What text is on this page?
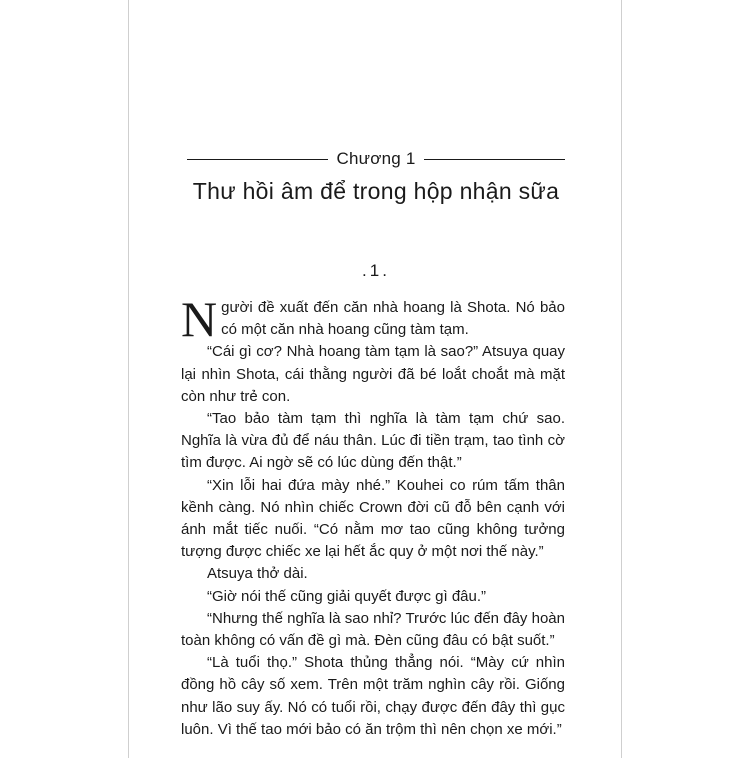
Chương 1
Thư hồi âm để trong hộp nhận sữa
.1.

Người đề xuất đến căn nhà hoang là Shota. Nó bảo có một căn nhà hoang cũng tàm tạm.

“Cái gì cơ? Nhà hoang tàm tạm là sao?” Atsuya quay lại nhìn Shota, cái thằng người đã bé loắt choắt mà mặt còn như trẻ con.

“Tao bảo tàm tạm thì nghĩa là tàm tạm chứ sao. Nghĩa là vừa đủ để náu thân. Lúc đi tiền trạm, tao tình cờ tìm được. Ai ngờ sẽ có lúc dùng đến thật.”

“Xin lỗi hai đứa mày nhé.” Kouhei co rúm tấm thân kềnh càng. Nó nhìn chiếc Crown đời cũ đỗ bên cạnh với ánh mắt tiếc nuối. “Có nằm mơ tao cũng không tưởng tượng được chiếc xe lại hết ắc quy ở một nơi thế này.”

Atsuya thở dài.

“Giờ nói thế cũng giải quyết được gì đâu.”

“Nhưng thế nghĩa là sao nhỉ? Trước lúc đến đây hoàn toàn không có vấn đề gì mà. Đèn cũng đâu có bật suốt.”

“Là tuổi thọ.” Shota thủng thẳng nói. “Mày cứ nhìn đồng hồ cây số xem. Trên một trăm nghìn cây rồi. Giống như lão suy ấy. Nó có tuổi rồi, chạy được đến đây thì gục luôn. Vì thế tao mới bảo có ăn trộm thì nên chọn xe mới.”
